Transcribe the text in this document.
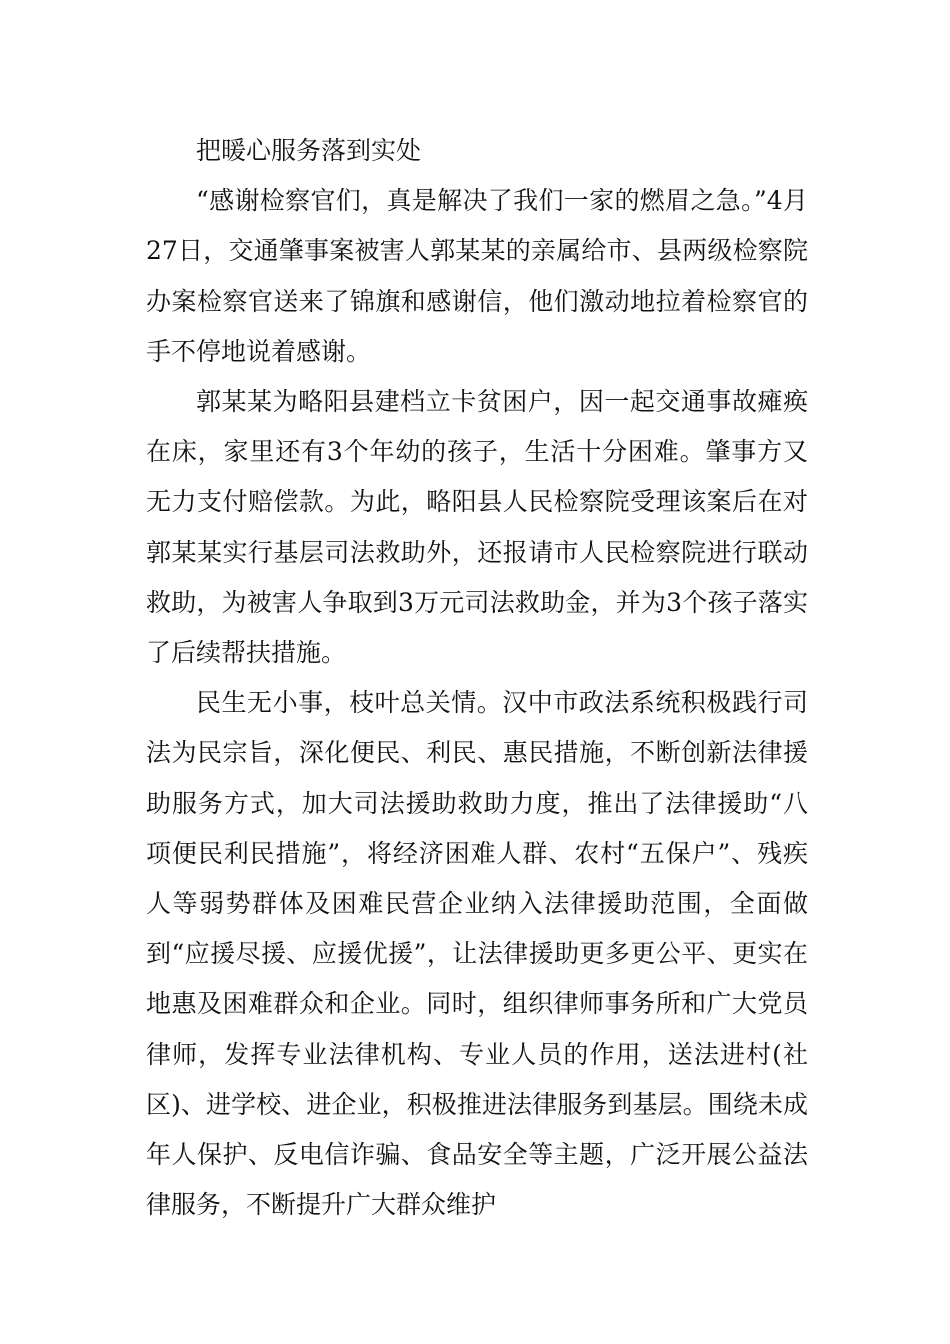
把暖心服务落到实处

“感谢检察官们，真是解决了我们一家的燃眉之急。”4月27日，交通肇事案被害人郭某某的亲属给市、县两级检察院办案检察官送来了锦旗和感谢信，他们激动地拉着检察官的手不停地说着感谢。

郭某某为略阳县建档立卡贫困户，因一起交通事故瘫痪在床，家里还有3个年幼的孩子，生活十分困难。肇事方又无力支付赔偿款。为此，略阳县人民检察院受理该案后在对郭某某实行基层司法救助外，还报请市人民检察院进行联动救助，为被害人争取到3万元司法救助金，并为3个孩子落实了后续帮扶措施。

民生无小事，枝叶总关情。汉中市政法系统积极践行司法为民宗旨，深化便民、利民、惠民措施，不断创新法律援助服务方式，加大司法援助救助力度，推出了法律援助“八项便民利民措施”，将经济困难人群、农村“五保户”、残疾人等弱势群体及困难民营企业纳入法律援助范围，全面做到“应援尽援、应援优援”，让法律援助更多更公平、更实在地惠及困难群众和企业。同时，组织律师事务所和广大党员律师，发挥专业法律机构、专业人员的作用，送法进村(社区)、进学校、进企业，积极推进法律服务到基层。围绕未成年人保护、反电信诈骗、食品安全等主题，广泛开展公益法律服务，不断提升广大群众维护
